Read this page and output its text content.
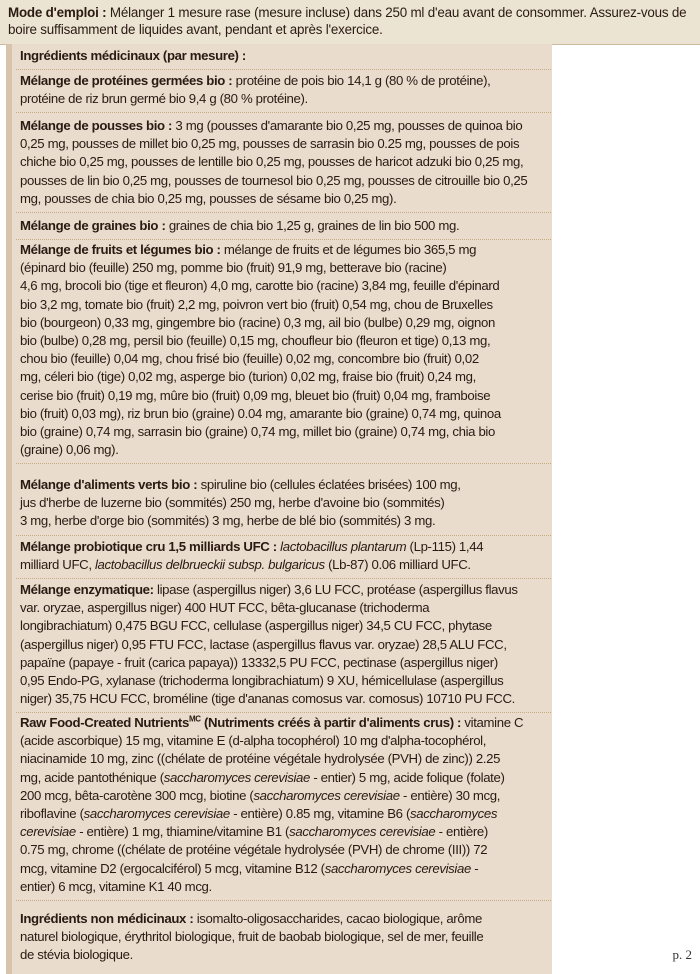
Mode d'emploi : Mélanger 1 mesure rase (mesure incluse) dans 250 ml d'eau avant de consommer. Assurez-vous de boire suffisamment de liquides avant, pendant et après l'exercice.
Ingrédients médicinaux (par mesure) :
Mélange de protéines germées bio : protéine de pois bio 14,1 g (80 % de protéine),
protéine de riz brun germé bio 9,4 g (80 % protéine).
Mélange de pousses bio : 3 mg (pousses d'amarante bio 0,25 mg, pousses de quinoa bio
0,25 mg, pousses de millet bio 0,25 mg, pousses de sarrasin bio 0.25 mg, pousses de pois
chiche bio 0,25 mg, pousses de lentille bio 0,25 mg, pousses de haricot adzuki bio 0,25 mg,
pousses de lin bio 0,25 mg, pousses de tournesol bio 0,25 mg, pousses de citrouille bio 0,25
mg, pousses de chia bio 0,25 mg, pousses de sésame bio 0,25 mg).
Mélange de graines bio : graines de chia bio 1,25 g, graines de lin bio 500 mg.
Mélange de fruits et légumes bio : mélange de fruits et de légumes bio 365,5 mg
(épinard bio (feuille) 250 mg, pomme bio (fruit) 91,9 mg, betterave bio (racine)
4,6 mg, brocoli bio (tige et fleuron) 4,0 mg, carotte bio (racine) 3,84 mg, feuille d'épinard
bio 3,2 mg, tomate bio (fruit) 2,2 mg, poivron vert bio (fruit) 0,54 mg, chou de Bruxelles
bio (bourgeon) 0,33 mg, gingembre bio (racine) 0,3 mg, ail bio (bulbe) 0,29 mg, oignon
bio (bulbe) 0,28 mg, persil bio (feuille) 0,15 mg, choufleur bio (fleuron et tige) 0,13 mg,
chou bio (feuille) 0,04 mg, chou frisé bio (feuille) 0,02 mg, concombre bio (fruit) 0,02
mg, céleri bio (tige) 0,02 mg, asperge bio (turion) 0,02 mg, fraise bio (fruit) 0,24 mg,
cerise bio (fruit) 0,19 mg, mûre bio (fruit) 0,09 mg, bleuet bio (fruit) 0,04 mg, framboise
bio (fruit) 0,03 mg), riz brun bio (graine) 0.04 mg, amarante bio (graine) 0,74 mg, quinoa
bio (graine) 0,74 mg, sarrasin bio (graine) 0,74 mg, millet bio (graine) 0,74 mg, chia bio
(graine) 0,06 mg).
Mélange d'aliments verts bio : spiruline bio (cellules éclatées brisées) 100 mg,
jus d'herbe de luzerne bio (sommités) 250 mg, herbe d'avoine bio (sommités)
3 mg, herbe d'orge bio (sommités) 3 mg, herbe de blé bio (sommités) 3 mg.
Mélange probiotique cru 1,5 milliards UFC : lactobacillus plantarum (Lp-115) 1,44
milliard UFC, lactobacillus delbrueckii subsp. bulgaricus (Lb-87) 0.06 milliard UFC.
Mélange enzymatique: lipase (aspergillus niger) 3,6 LU FCC, protéase (aspergillus flavus
var. oryzae, aspergillus niger) 400 HUT FCC, bêta-glucanase (trichoderma
longibrachiatum) 0,475 BGU FCC, cellulase (aspergillus niger) 34,5 CU FCC, phytase
(aspergillus niger) 0,95 FTU FCC, lactase (aspergillus flavus var. oryzae) 28,5 ALU FCC,
papaïne (papaye - fruit (carica papaya)) 13332,5 PU FCC, pectinase (aspergillus niger)
0,95 Endo-PG, xylanase (trichoderma longibrachiatum) 9 XU, hémicellulase (aspergillus
niger) 35,75 HCU FCC, broméline (tige d'ananas comosus var. comosus) 10710 PU FCC.
Raw Food-Created Nutrients$^{MC}$ (Nutriments créés à partir d'aliments crus) : vitamine C
(acide ascorbique) 15 mg, vitamine E (d-alpha tocophérol) 10 mg d'alpha-tocophérol,
niacinamide 10 mg, zinc ((chélate de protéine végétale hydrolysée (PVH) de zinc)) 2.25
mg, acide pantothénique (saccharomyces cerevisiae - entier) 5 mg, acide folique (folate)
200 mcg, bêta-carotène 300 mcg, biotine (saccharomyces cerevisiae - entière) 30 mcg,
riboflavine (saccharomyces cerevisiae - entière) 0.85 mg, vitamine B6 (saccharomyces
cerevisiae - entière) 1 mg, thiamine/vitamine B1 (saccharomyces cerevisiae - entière)
0.75 mg, chrome ((chélate de protéine végétale hydrolysée (PVH) de chrome (III)) 72
mcg, vitamine D2 (ergocalciférol) 5 mcg, vitamine B12 (saccharomyces cerevisiae -
entier) 6 mcg, vitamine K1 40 mcg.
Ingrédients non médicinaux : isomalto-oligosaccharides, cacao biologique, arôme
naturel biologique, érythritol biologique, fruit de baobab biologique, sel de mer, feuille
de stévia biologique.	p. 2
